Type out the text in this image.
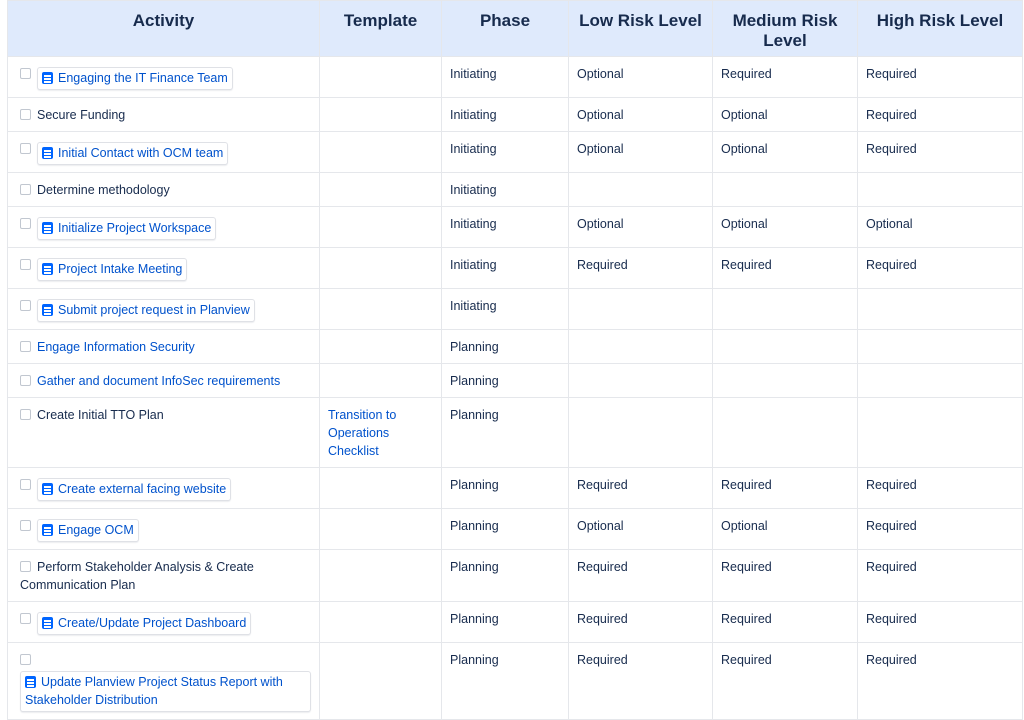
Activity	Template	Phase	Low Risk Level	Medium Risk Level	High Risk Level
Engaging the IT Finance Team		Initiating	Optional	Required	Required
Secure Funding		Initiating	Optional	Optional	Required
Initial Contact with OCM team		Initiating	Optional	Optional	Required
Determine methodology		Initiating			
Initialize Project Workspace		Initiating	Optional	Optional	Optional
Project Intake Meeting		Initiating	Required	Required	Required
Submit project request in Planview		Initiating			
Engage Information Security		Planning			
Gather and document InfoSec requirements		Planning			
Create Initial TTO Plan	Transition to Operations Checklist	Planning			
Create external facing website		Planning	Required	Required	Required
Engage OCM		Planning	Optional	Optional	Required
Perform Stakeholder Analysis & Create Communication Plan		Planning	Required	Required	Required
Create/Update Project Dashboard		Planning	Required	Required	Required
Update Planview Project Status Report with Stakeholder Distribution		Planning	Required	Required	Required
